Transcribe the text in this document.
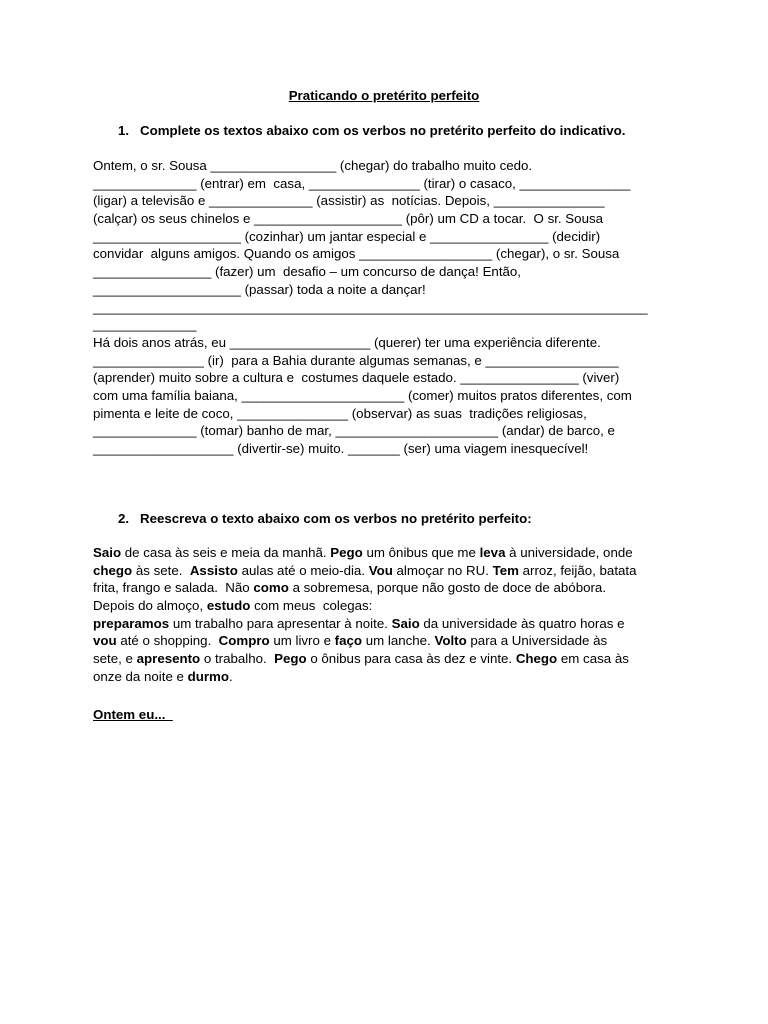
Praticando o pretérito perfeito
1. Complete os textos abaixo com os verbos no pretérito perfeito do indicativo.
Ontem, o sr. Sousa _________________ (chegar) do trabalho muito cedo.
______________ (entrar) em  casa, _______________ (tirar) o casaco, _______________
(ligar) a televisão e ______________ (assistir) as  notícias. Depois, _______________
(calçar) os seus chinelos e ____________________ (pôr) um CD a tocar.  O sr. Sousa
____________________ (cozinhar) um jantar especial e ________________ (decidir)
convidar  alguns amigos. Quando os amigos __________________ (chegar), o sr. Sousa
________________ (fazer) um  desafio – um concurso de dança! Então,
____________________ (passar) toda a noite a dançar!
___________________________________________________________________________
______________
Há dois anos atrás, eu ___________________ (querer) ter uma experiência diferente.
_______________ (ir)  para a Bahia durante algumas semanas, e __________________
(aprender) muito sobre a cultura e  costumes daquele estado. ________________ (viver)
com uma família baiana, ______________________ (comer) muitos pratos diferentes, com
pimenta e leite de coco, _______________ (observar) as suas  tradições religiosas,
______________ (tomar) banho de mar, ______________________ (andar) de barco, e
___________________ (divertir-se) muito. _______ (ser) uma viagem inesquecível!
2. Reescreva o texto abaixo com os verbos no pretérito perfeito:
Saio de casa às seis e meia da manhã. Pego um ônibus que me leva à universidade, onde
chego às sete.  Assisto aulas até o meio-dia. Vou almoçar no RU. Tem arroz, feijão, batata
frita, frango e salada.  Não como a sobremesa, porque não gosto de doce de abóbora.
Depois do almoço, estudo com meus  colegas:
preparamos um trabalho para apresentar à noite. Saio da universidade às quatro horas e
vou até o shopping.  Compro um livro e faço um lanche. Volto para a Universidade às
sete, e apresento o trabalho.  Pego o ônibus para casa às dez e vinte. Chego em casa às
onze da noite e durmo.
Ontem eu...
